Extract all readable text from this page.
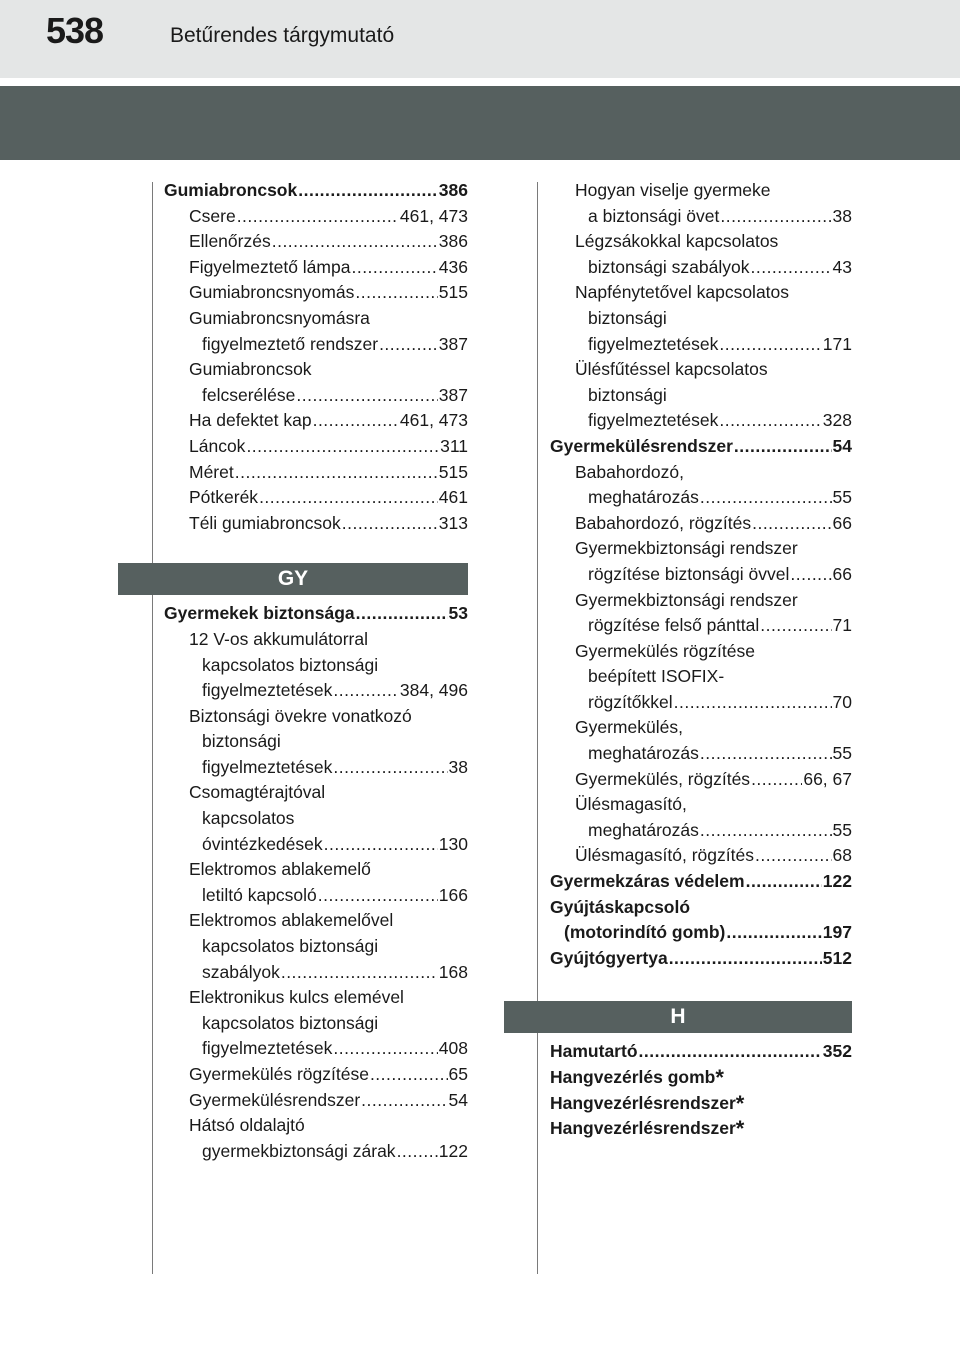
538	Betűrendes tárgymutató
Gumiabroncsok .....	386
Csere .....	461, 473
Ellenőrzés .....	386
Figyelmeztető lámpa .....	436
Gumiabroncsnyomás .....	515
Gumiabroncsnyomásra
figyelmeztető rendszer .....	387
Gumiabroncsok
felcserélése .....	387
Ha defektet kap .....	461, 473
Láncok .....	311
Méret .....	515
Pótkerék .....	461
Téli gumiabroncsok .....	313
GY
Gyermekek biztonsága .....	53
12 V-os akkumulátorral
kapcsolatos biztonsági
figyelmeztetések .....	384, 496
Biztonsági övekre vonatkozó
biztonsági
figyelmeztetések .....	38
Csomagtérajtóval
kapcsolatos
óvintézkedések .....	130
Elektromos ablakemelő
letiltó kapcsoló .....	166
Elektromos ablakemelővel
kapcsolatos biztonsági
szabályok .....	168
Elektronikus kulcs elemével
kapcsolatos biztonsági
figyelmeztetések .....	408
Gyermekülés rögzítése .....	65
Gyermekülésrendszer .....	54
Hátsó oldalajtó
gyermekbiztonsági zárak ..... 122
Hogyan viselje gyermeke
a biztonsági övet .....	38
Légzsákokkal kapcsolatos
biztonsági szabályok .....	43
Napfénytetővel kapcsolatos
biztonsági
figyelmeztetések .....	171
Ülésfűtéssel kapcsolatos
biztonsági
figyelmeztetések .....	328
Gyermekülésrendszer .....	54
Babahordozó,
meghatározás .....	55
Babahordozó, rögzítés .....	66
Gyermekbiztonsági rendszer
rögzítése biztonsági övvel ..... 66
Gyermekbiztonsági rendszer
rögzítése felső pánttal .....	71
Gyermekülés rögzítése
beépített ISOFIX-
rögzítőkkel .....	70
Gyermekülés,
meghatározás .....	55
Gyermekülés, rögzítés .....	66, 67
Ülésmagasító,
meghatározás .....	55
Ülésmagasító, rögzítés .....	68
Gyermekzáras védelem .....	122
Gyújtáskapcsoló
(motorindító gomb) .....	197
Gyújtógyertya .....	512
H
Hamutartó .....	352
Hangvezérlés gomb*
Hangvezérlésrendszer*
Hangvezérlésrendszer*
